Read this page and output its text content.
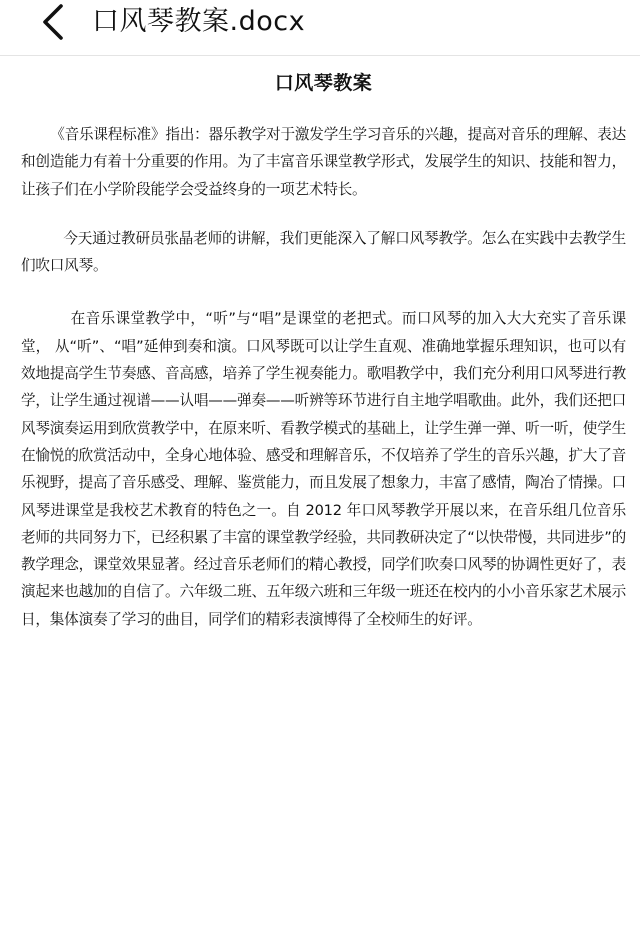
口风琴教案.docx
口风琴教案

《音乐课程标准》指出：器乐教学对于激发学生学习音乐的兴趣，提高对音乐的理解、表达和创造能力有着十分重要的作用。为了丰富音乐课堂教学形式，发展学生的知识、技能和智力，让孩子们在小学阶段能学会受益终身的一项艺术特长。

今天通过教研员张晶老师的讲解，我们更能深入了解口风琴教学。怎么在实践中去教学生们吹口风琴。

在音乐课堂教学中，“听”与“唱”是课堂的老把式。而口风琴的加入大大充实了音乐课堂， 从“听”、“唱”延伸到奏和演。口风琴既可以让学生直观、准确地掌握乐理知识，也可以有效地提高学生节奏感、音高感，培养了学生视奏能力。歌唱教学中，我们充分利用口风琴进行教学，让学生通过视谱——认唱——弹奏——听辨等环节进行自主地学唱歌曲。此外，我们还把口风琴演奏运用到欣赏教学中，在原来听、看教学模式的基础上，让学生弹一弹、听一听，使学生在愉悦的欣赏活动中，全身心地体验、感受和理解音乐，不仅培养了学生的音乐兴趣，扩大了音乐视野，提高了音乐感受、理解、鉴赏能力，而且发展了想象力，丰富了感情，陶冶了情操。口风琴进课堂是我校艺术教育的特色之一。自 2012 年口风琴教学开展以来，在音乐组几位音乐老师的共同努力下，已经积累了丰富的课堂教学经验，共同教研决定了“以快带慢，共同进步”的教学理念，课堂效果显著。经过音乐老师们的精心教授，同学们吹奏口风琴的协调性更好了，表演起来也越加的自信了。六年级二班、五年级六班和三年级一班还在校内的小小音乐家艺术展示日，集体演奏了学习的曲目，同学们的精彩表演博得了全校师生的好评。
